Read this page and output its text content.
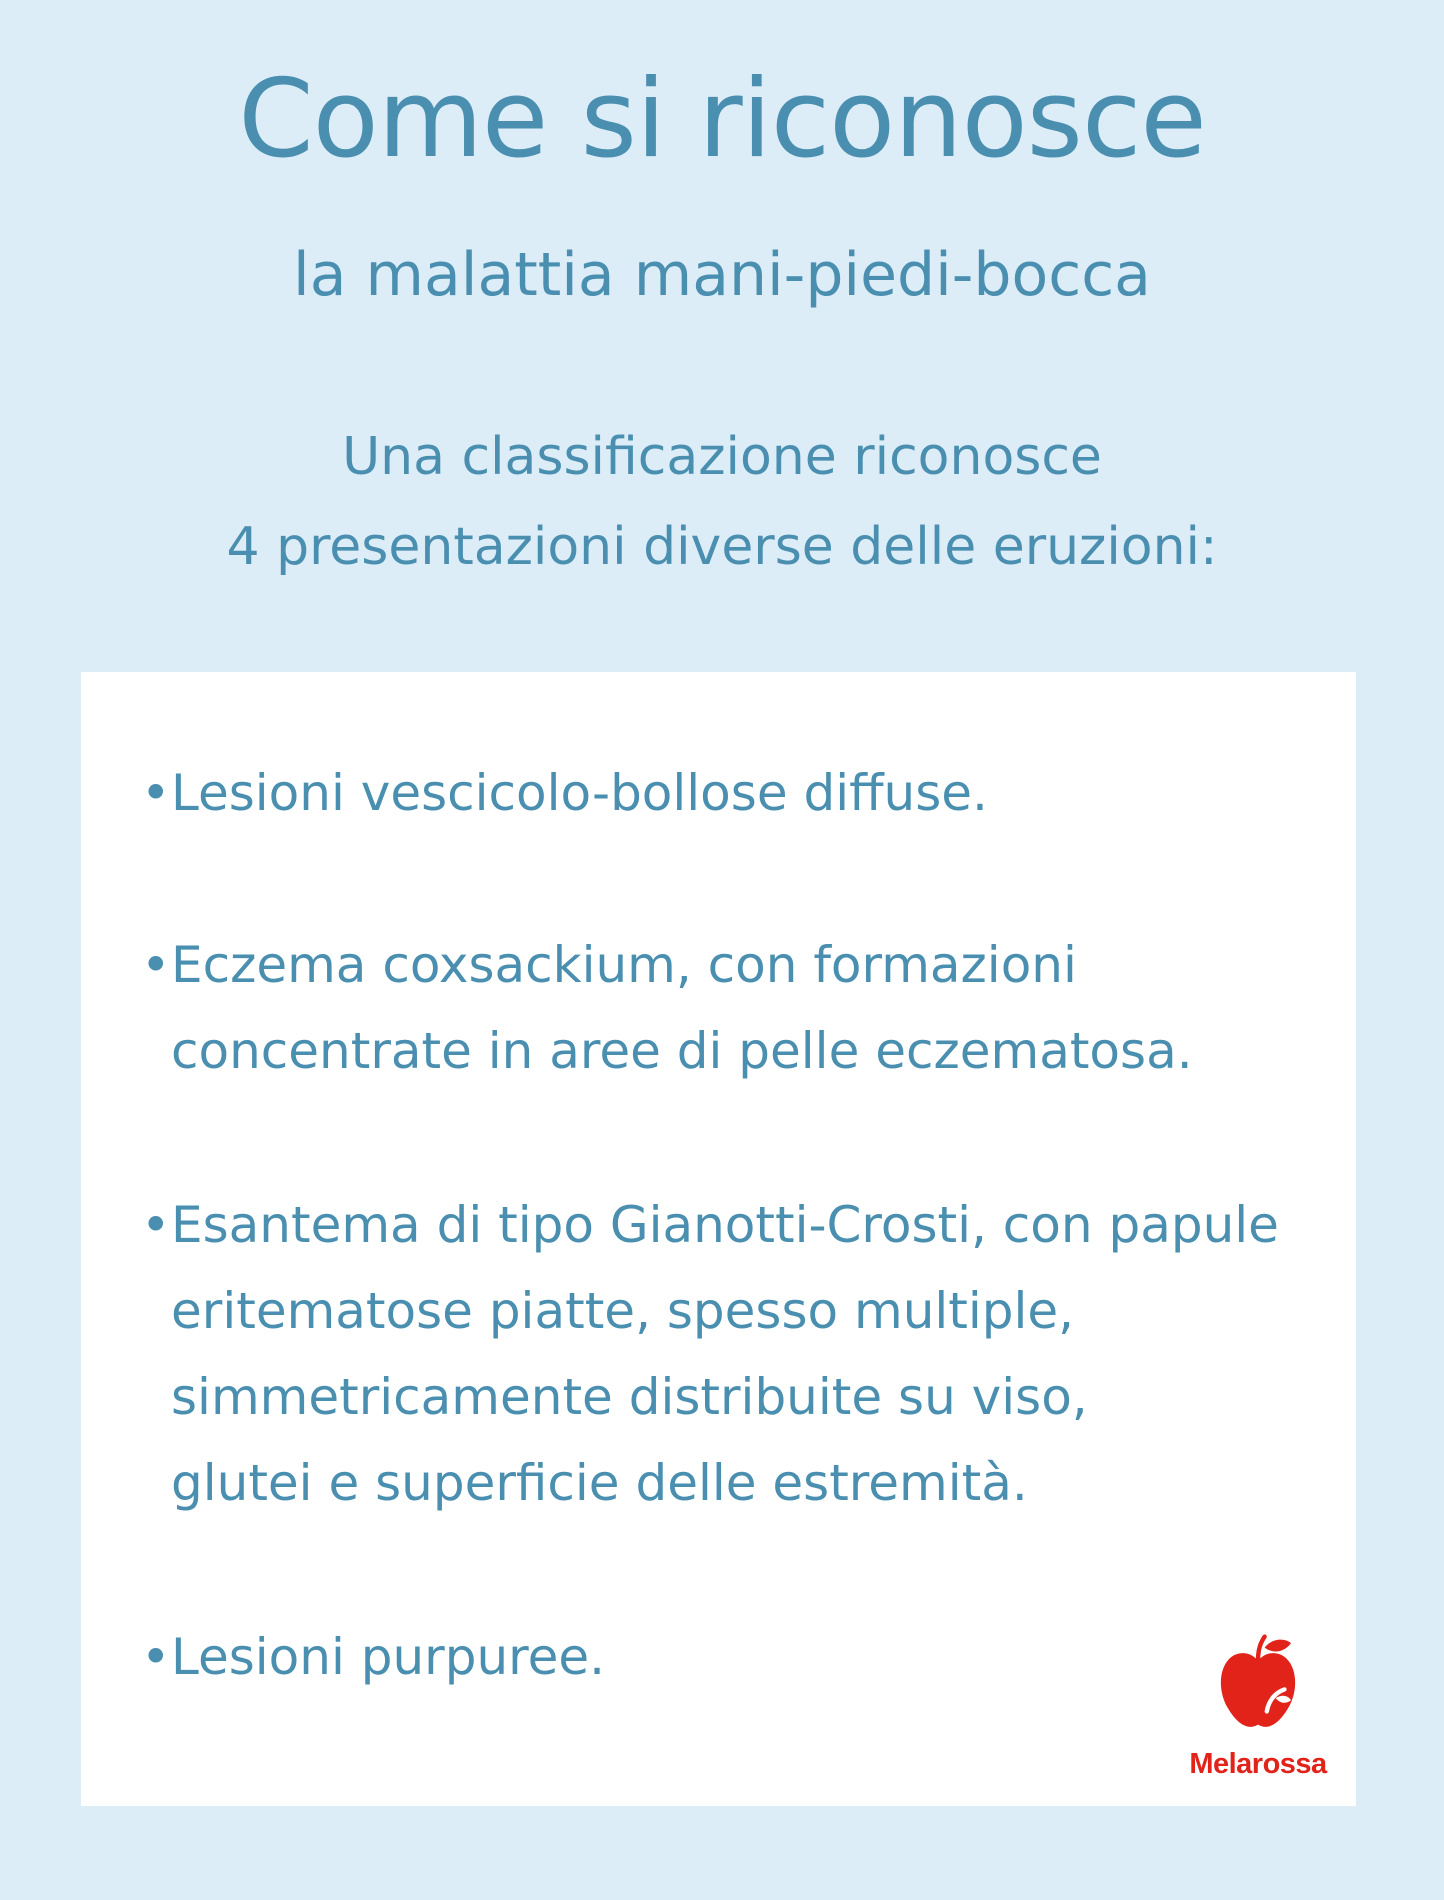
Come si riconosce
la malattia mani-piedi-bocca
Una classificazione riconosce
4 presentazioni diverse delle eruzioni:
• Lesioni vescicolo-bollose diffuse.
• Eczema coxsackium, con formazioni
concentrate in aree di pelle eczematosa.
• Esantema di tipo Gianotti-Crosti, con papule
eritematose piatte, spesso multiple,
simmetricamente distribuite su viso,
glutei e superficie delle estremità.
• Lesioni purpuree.
Melarossa
